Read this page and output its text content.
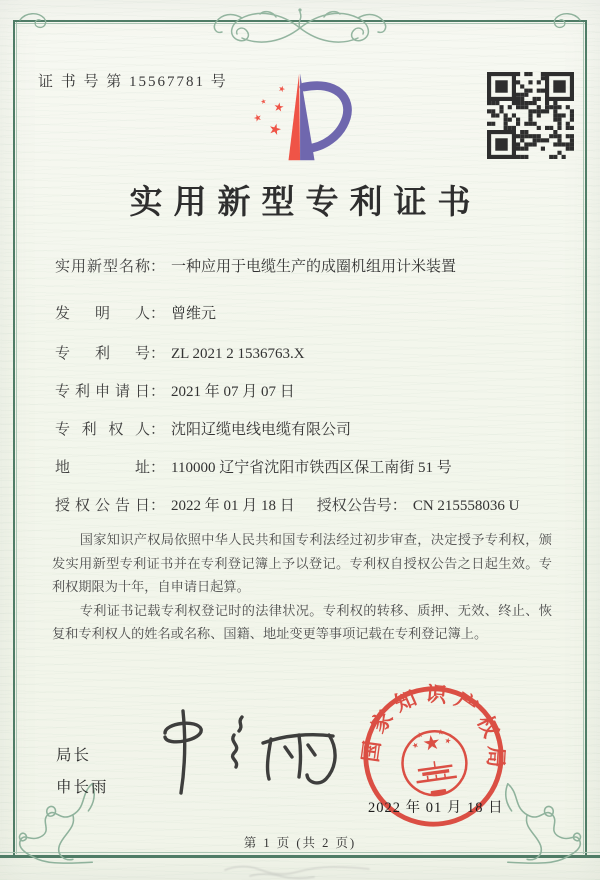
证 书 号 第 15567781 号
实用新型专利证书
实用新型名称： 一种应用于电缆生产的成圈机组用计米装置
发明人： 曾维元
专利号： ZL 2021 2 1536763.X
专利申请日： 2021 年 07 月 07 日
专利权人： 沈阳辽缆电线电缆有限公司
地址： 110000 辽宁省沈阳市铁西区保工南街 51 号
授权公告日： 2022 年 01 月 18 日 授权公告号： CN 215558036 U

国家知识产权局依照中华人民共和国专利法经过初步审查，决定授予专利权，颁发实用新型专利证书并在专利登记簿上予以登记。专利权自授权公告之日起生效。专利权期限为十年，自申请日起算。

专利证书记载专利权登记时的法律状况。专利权的转移、质押、无效、终止、恢复和专利权人的姓名或名称、国籍、地址变更等事项记载在专利登记簿上。

局长
申长雨
国家知识产权局
2022 年 01 月 18 日
第 1 页 (共 2 页)
